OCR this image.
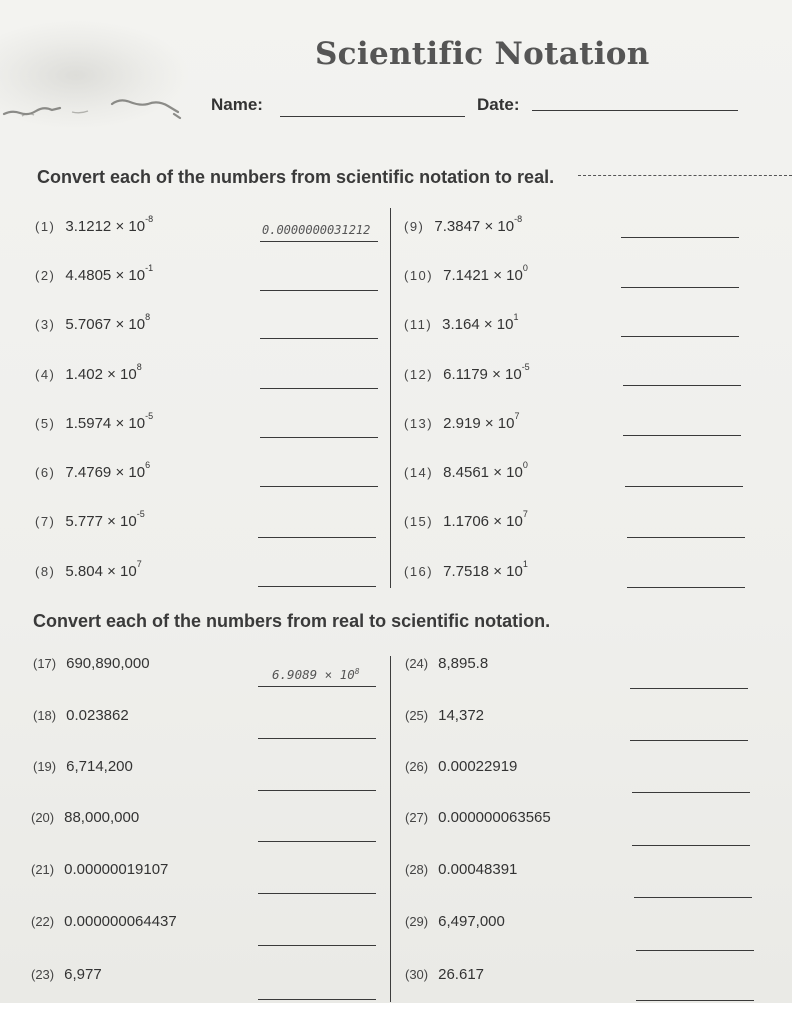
Scientific Notation
Name:	Date:
Convert each of the numbers from scientific notation to real.
(1) $3.1212 \times 10^{-8}$
(2) $4.4805 \times 10^{-1}$
(3) $5.7067 \times 10^8$
(4) $1.402 \times 10^8$
(5) $1.5974 \times 10^{-5}$
(6) $7.4769 \times 10^6$
(7) $5.777 \times 10^{-5}$
(8) $5.804 \times 10^7$
(9) $7.3847 \times 10^{-8}$
(10) $7.1421 \times 10^0$
(11) $3.164 \times 10^1$
(12) $6.1179 \times 10^{-5}$
(13) $2.919 \times 10^7$
(14) $8.4561 \times 10^0$
(15) $1.1706 \times 10^7$
(16) $7.7518 \times 10^1$
0.0000000031212
Convert each of the numbers from real to scientific notation.
(17) 690,890,000
(18) 0.023862
(19) 6,714,200
(20) 88,000,000
(21) 0.00000019107
(22) 0.000000064437
(23) 6,977
(24) 8,895.8
(25) 14,372
(26) 0.00022919
(27) 0.000000063565
(28) 0.00048391
(29) 6,497,000
(30) 26.617
$6.9089 \times 10^8$
